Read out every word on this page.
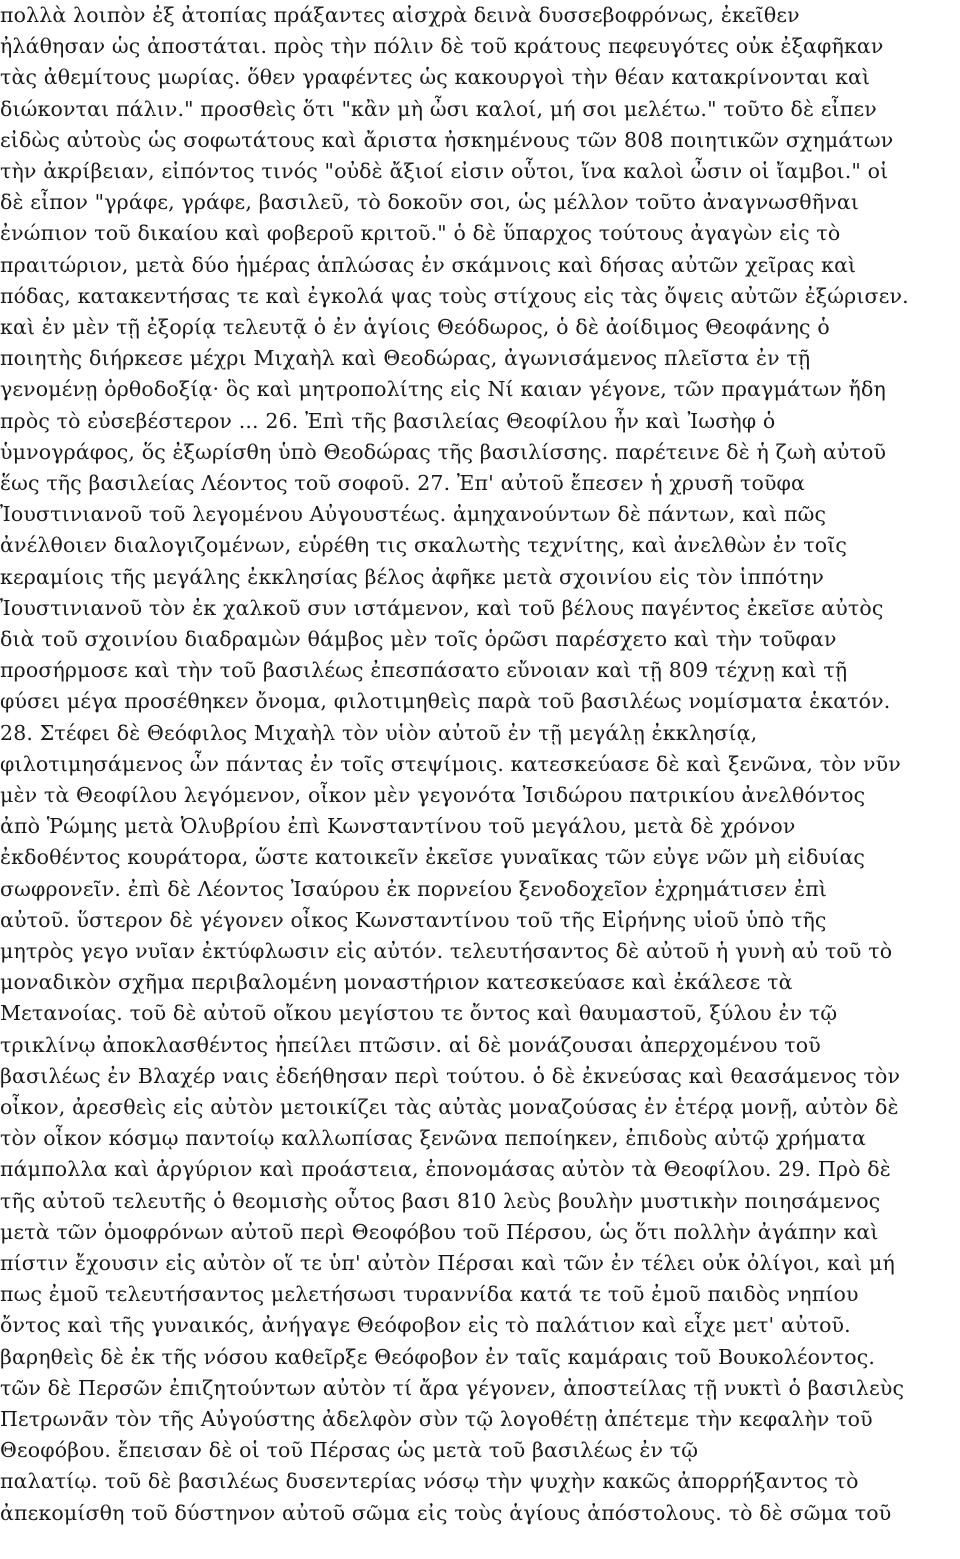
πολλὰ λοιπὸν ἐξ ἀτοπίας πράξαντες αἰσχρὰ δεινὰ δυσσεβοφρόνως, ἐκεῖθεν
ἠλάθησαν ὡς ἀποστάται. πρὸς τὴν πόλιν δὲ τοῦ κράτους πεφευγότες οὐκ ἐξαφῆκαν
τὰς ἀθεμίτους μωρίας. ὅθεν γραφέντες ὡς κακουργοὶ τὴν θέαν κατακρίνονται καὶ
διώκονται πάλιν." προσθεὶς ὅτι "κἂν μὴ ὦσι καλοί, μή σοι μελέτω." τοῦτο δὲ εἶπεν
εἰδὼς αὐτοὺς ὡς σοφωτάτους καὶ ἄριστα ἠσκημένους τῶν 808 ποιητικῶν σχημάτων
τὴν ἀκρίβειαν, εἰπόντος τινός "οὐδὲ ἄξιοί εἰσιν οὗτοι, ἵνα καλοὶ ὦσιν οἱ ἴαμβοι." οἱ
δὲ εἶπον "γράφε, γράφε, βασιλεῦ, τὸ δοκοῦν σοι, ὡς μέλλον τοῦτο ἀναγνωσθῆναι
ἐνώπιον τοῦ δικαίου καὶ φοβεροῦ κριτοῦ." ὁ δὲ ὕπαρχος τούτους ἀγαγὼν εἰς τὸ
πραιτώριον, μετὰ δύο ἡμέρας ἁπλώσας ἐν σκάμνοις καὶ δήσας αὐτῶν χεῖρας καὶ
πόδας, κατακεντήσας τε καὶ ἐγκολά ψας τοὺς στίχους εἰς τὰς ὄψεις αὐτῶν ἐξώρισεν.
καὶ ἐν μὲν τῇ ἐξορίᾳ τελευτᾷ ὁ ἐν ἁγίοις Θεόδωρος, ὁ δὲ ἀοίδιμος Θεοφάνης ὁ
ποιητὴς διήρκεσε μέχρι Μιχαὴλ καὶ Θεοδώρας, ἀγωνισάμενος πλεῖστα ἐν τῇ
γενομένῃ ὀρθοδοξίᾳ· ὃς καὶ μητροπολίτης εἰς Νί καιαν γέγονε, τῶν πραγμάτων ἤδη
πρὸς τὸ εὐσεβέστερον ... 26. Ἐπὶ τῆς βασιλείας Θεοφίλου ἦν καὶ Ἰωσὴφ ὁ
ὑμνογράφος, ὅς ἐξωρίσθη ὑπὸ Θεοδώρας τῆς βασιλίσσης. παρέτεινε δὲ ἡ ζωὴ αὐτοῦ
ἕως τῆς βασιλείας Λέοντος τοῦ σοφοῦ. 27. Ἐπ' αὐτοῦ ἔπεσεν ἡ χρυσῆ τοῦφα
Ἰουστινιανοῦ τοῦ λεγομένου Αὐγουστέως. ἀμηχανούντων δὲ πάντων, καὶ πῶς
ἀνέλθοιεν διαλογιζομένων, εὑρέθη τις σκαλωτὴς τεχνίτης, καὶ ἀνελθὼν ἐν τοῖς
κεραμίοις τῆς μεγάλης ἐκκλησίας βέλος ἀφῆκε μετὰ σχοινίου εἰς τὸν ἱππότην
Ἰουστινιανοῦ τὸν ἐκ χαλκοῦ συν ιστάμενον, καὶ τοῦ βέλους παγέντος ἐκεῖσε αὐτὸς
διὰ τοῦ σχοινίου διαδραμὼν θάμβος μὲν τοῖς ὁρῶσι παρέσχετο καὶ τὴν τοῦφαν
προσήρμοσε καὶ τὴν τοῦ βασιλέως ἐπεσπάσατο εὔνοιαν καὶ τῇ 809 τέχνῃ καὶ τῇ
φύσει μέγα προσέθηκεν ὄνομα, φιλοτιμηθεὶς παρὰ τοῦ βασιλέως νομίσματα ἑκατόν.
28. Στέφει δὲ Θεόφιλος Μιχαὴλ τὸν υἱὸν αὐτοῦ ἐν τῇ μεγάλῃ ἐκκλησίᾳ,
φιλοτιμησάμενος ὧν πάντας ἐν τοῖς στεψίμοις. κατεσκεύασε δὲ καὶ ξενῶνα, τὸν νῦν
μὲν τὰ Θεοφίλου λεγόμενον, οἶκον μὲν γεγονότα Ἰσιδώρου πατρικίου ἀνελθόντος
ἀπὸ Ῥώμης μετὰ Ὀλυβρίου ἐπὶ Κωνσταντίνου τοῦ μεγάλου, μετὰ δὲ χρόνον
ἐκδοθέντος κουράτορα, ὥστε κατοικεῖν ἐκεῖσε γυναῖκας τῶν εὐγε νῶν μὴ εἰδυίας
σωφρονεῖν. ἐπὶ δὲ Λέοντος Ἰσαύρου ἐκ πορνείου ξενοδοχεῖον ἐχρημάτισεν ἐπὶ
αὐτοῦ. ὕστερον δὲ γέγονεν οἶκος Κωνσταντίνου τοῦ τῆς Εἰρήνης υἱοῦ ὑπὸ τῆς
μητρὸς γεγο νυῖαν ἐκτύφλωσιν εἰς αὐτόν. τελευτήσαντος δὲ αὐτοῦ ἡ γυνὴ αὐ τοῦ τὸ
μοναδικὸν σχῆμα περιβαλομένη μοναστήριον κατεσκεύασε καὶ ἐκάλεσε τὰ
Μετανοίας. τοῦ δὲ αὐτοῦ οἴκου μεγίστου τε ὄντος καὶ θαυμαστοῦ, ξύλου ἐν τῷ
τρικλίνῳ ἀποκλασθέντος ἠπείλει πτῶσιν. αἱ δὲ μονάζουσαι ἀπερχομένου τοῦ
βασιλέως ἐν Βλαχέρ ναις ἐδεήθησαν περὶ τούτου. ὁ δὲ ἐκνεύσας καὶ θεασάμενος τὸν
οἶκον, ἀρεσθεὶς εἰς αὐτὸν μετοικίζει τὰς αὐτὰς μοναζούσας ἐν ἑτέρᾳ μονῇ, αὐτὸν δὲ
τὸν οἶκον κόσμῳ παντοίῳ καλλωπίσας ξενῶνα πεποίηκεν, ἐπιδοὺς αὐτῷ χρήματα
πάμπολλα καὶ ἀργύριον καὶ προάστεια, ἐπονομάσας αὐτὸν τὰ Θεοφίλου. 29. Πρὸ δὲ
τῆς αὐτοῦ τελευτῆς ὁ θεομισὴς οὗτος βασι 810 λεὺς βουλὴν μυστικὴν ποιησάμενος
μετὰ τῶν ὁμοφρόνων αὐτοῦ περὶ Θεοφόβου τοῦ Πέρσου, ὡς ὅτι πολλὴν ἀγάπην καὶ
πίστιν ἔχουσιν εἰς αὐτὸν οἵ τε ὑπ' αὐτὸν Πέρσαι καὶ τῶν ἐν τέλει οὐκ ὀλίγοι, καὶ μή
πως ἐμοῦ τελευτήσαντος μελετήσωσι τυραννίδα κατά τε τοῦ ἐμοῦ παιδὸς νηπίου
ὄντος καὶ τῆς γυναικός, ἀνήγαγε Θεόφοβον εἰς τὸ παλάτιον καὶ εἶχε μετ' αὐτοῦ.
βαρηθεὶς δὲ ἐκ τῆς νόσου καθεῖρξε Θεόφοβον ἐν ταῖς καμάραις τοῦ Βουκολέοντος.
τῶν δὲ Περσῶν ἐπιζητούντων αὐτὸν τί ἄρα γέγονεν, ἀποστείλας τῇ νυκτὶ ὁ βασιλεὺς
Πετρωνᾶν τὸν τῆς Αὐγούστης ἀδελφὸν σὺν τῷ λογοθέτῃ ἀπέτεμε τὴν κεφαλὴν τοῦ
Θεοφόβου. ἔπεισαν δὲ οἱ τοῦ Πέρσας ὡς μετὰ τοῦ βασιλέως ἐν τῷ
παλατίῳ. τοῦ δὲ βασιλέως δυσεντερίας νόσῳ τὴν ψυχὴν κακῶς ἀπορρήξαντος τὸ
ἀπεκομίσθη τοῦ δύστηνον αὐτοῦ σῶμα εἰς τοὺς ἁγίους ἀπόστολους. τὸ δὲ σῶμα τοῦ
